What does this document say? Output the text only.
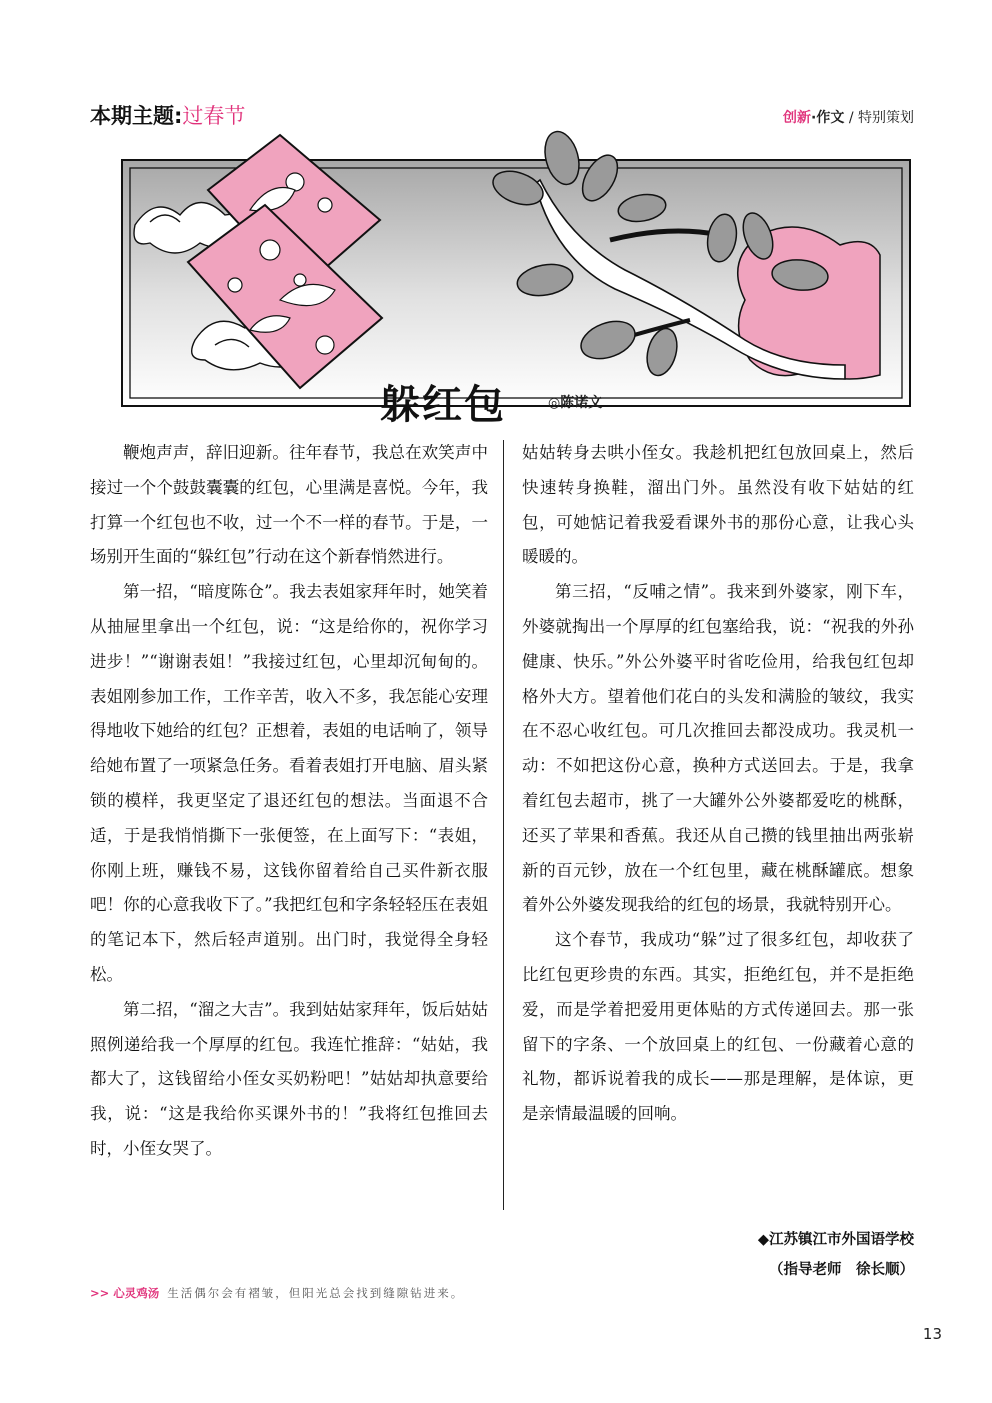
本期主题:过春节	创新·作文 / 特别策划
躲红包	◎陈诺文

鞭炮声声，辞旧迎新。往年春节，我总在欢笑声中接过一个个鼓鼓囊囊的红包，心里满是喜悦。今年，我打算一个红包也不收，过一个不一样的春节。于是，一场别开生面的“躲红包”行动在这个新春悄然进行。

第一招，“暗度陈仓”。我去表姐家拜年时，她笑着从抽屉里拿出一个红包，说：“这是给你的，祝你学习进步！”“谢谢表姐！”我接过红包，心里却沉甸甸的。表姐刚参加工作，工作辛苦，收入不多，我怎能心安理得地收下她给的红包？正想着，表姐的电话响了，领导给她布置了一项紧急任务。看着表姐打开电脑、眉头紧锁的模样，我更坚定了退还红包的想法。当面退不合适，于是我悄悄撕下一张便签，在上面写下：“表姐，你刚上班，赚钱不易，这钱你留着给自己买件新衣服吧！你的心意我收下了。”我把红包和字条轻轻压在表姐的笔记本下，然后轻声道别。出门时，我觉得全身轻松。

第二招，“溜之大吉”。我到姑姑家拜年，饭后姑姑照例递给我一个厚厚的红包。我连忙推辞：“姑姑，我都大了，这钱留给小侄女买奶粉吧！”姑姑却执意要给我，说：“这是我给你买课外书的！”我将红包推回去时，小侄女哭了。

姑姑转身去哄小侄女。我趁机把红包放回桌上，然后快速转身换鞋，溜出门外。虽然没有收下姑姑的红包，可她惦记着我爱看课外书的那份心意，让我心头暖暖的。

第三招，“反哺之情”。我来到外婆家，刚下车，外婆就掏出一个厚厚的红包塞给我，说：“祝我的外孙健康、快乐。”外公外婆平时省吃俭用，给我包红包却格外大方。望着他们花白的头发和满脸的皱纹，我实在不忍心收红包。可几次推回去都没成功。我灵机一动：不如把这份心意，换种方式送回去。于是，我拿着红包去超市，挑了一大罐外公外婆都爱吃的桃酥，还买了苹果和香蕉。我还从自己攒的钱里抽出两张崭新的百元钞，放在一个红包里，藏在桃酥罐底。想象着外公外婆发现我给的红包的场景，我就特别开心。

这个春节，我成功“躲”过了很多红包，却收获了比红包更珍贵的东西。其实，拒绝红包，并不是拒绝爱，而是学着把爱用更体贴的方式传递回去。那一张留下的字条、一个放回桌上的红包、一份藏着心意的礼物，都诉说着我的成长——那是理解，是体谅，更是亲情最温暖的回响。

◆江苏镇江市外国语学校
（指导老师　徐长顺）
>> 心灵鸡汤 生活偶尔会有褶皱，但阳光总会找到缝隙钻进来。
13
